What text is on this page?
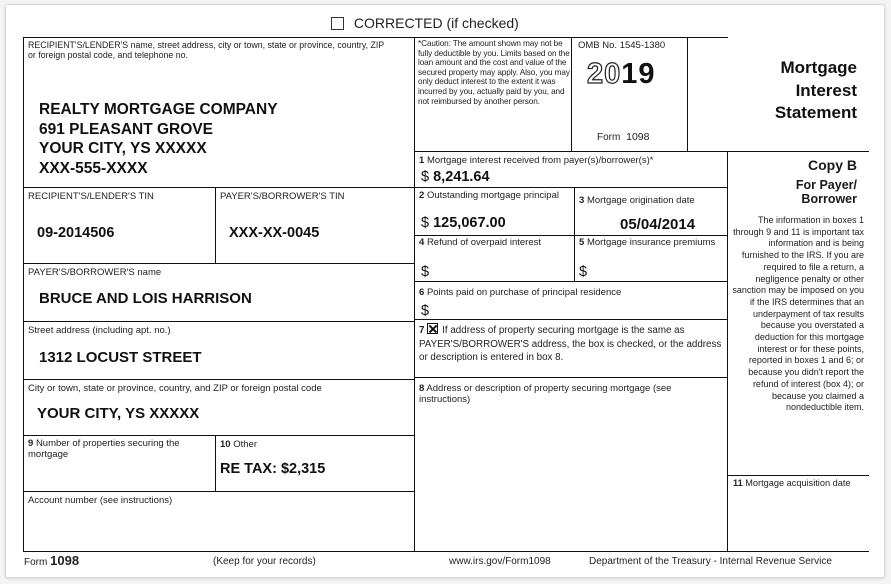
CORRECTED (if checked)
RECIPIENT'S/LENDER'S name, street address, city or town, state or province, country, ZIP or foreign postal code, and telephone no.
REALTY MORTGAGE COMPANY
691 PLEASANT GROVE
YOUR CITY, YS XXXXX
XXX-555-XXXX
*Caution: The amount shown may not be fully deductible by you. Limits based on the loan amount and the cost and value of the secured property may apply. Also, you may only deduct interest to the extent it was incurred by you, actually paid by you, and not reimbursed by another person.
OMB No. 1545-1380
2019
Form 1098
Mortgage
Interest
Statement
Copy B
For Payer/
Borrower
The information in boxes 1 through 9 and 11 is important tax information and is being furnished to the IRS. If you are required to file a return, a negligence penalty or other sanction may be imposed on you if the IRS determines that an underpayment of tax results because you overstated a deduction for this mortgage interest or for these points, reported in boxes 1 and 6; or because you didn't report the refund of interest (box 4); or because you claimed a nondeductible item.
11 Mortgage acquisition date
1 Mortgage interest received from payer(s)/borrower(s)*
$ 8,241.64
2 Outstanding mortgage principal
$ 125,067.00
3 Mortgage origination date
05/04/2014
4 Refund of overpaid interest
$
5 Mortgage insurance premiums
$
6 Points paid on purchase of principal residence
$
7 If address of property securing mortgage is the same as PAYER'S/BORROWER'S address, the box is checked, or the address or description is entered in box 8.
8 Address or description of property securing mortgage (see instructions)
RECIPIENT'S/LENDER'S TIN
09-2014506
PAYER'S/BORROWER'S TIN
XXX-XX-0045
PAYER'S/BORROWER'S name
BRUCE AND LOIS HARRISON
Street address (including apt. no.)
1312 LOCUST STREET
City or town, state or province, country, and ZIP or foreign postal code
YOUR CITY, YS XXXXX
9 Number of properties securing the mortgage
10 Other
RE TAX: $2,315
Account number (see instructions)
Form 1098	(Keep for your records)	www.irs.gov/Form1098	Department of the Treasury - Internal Revenue Service
